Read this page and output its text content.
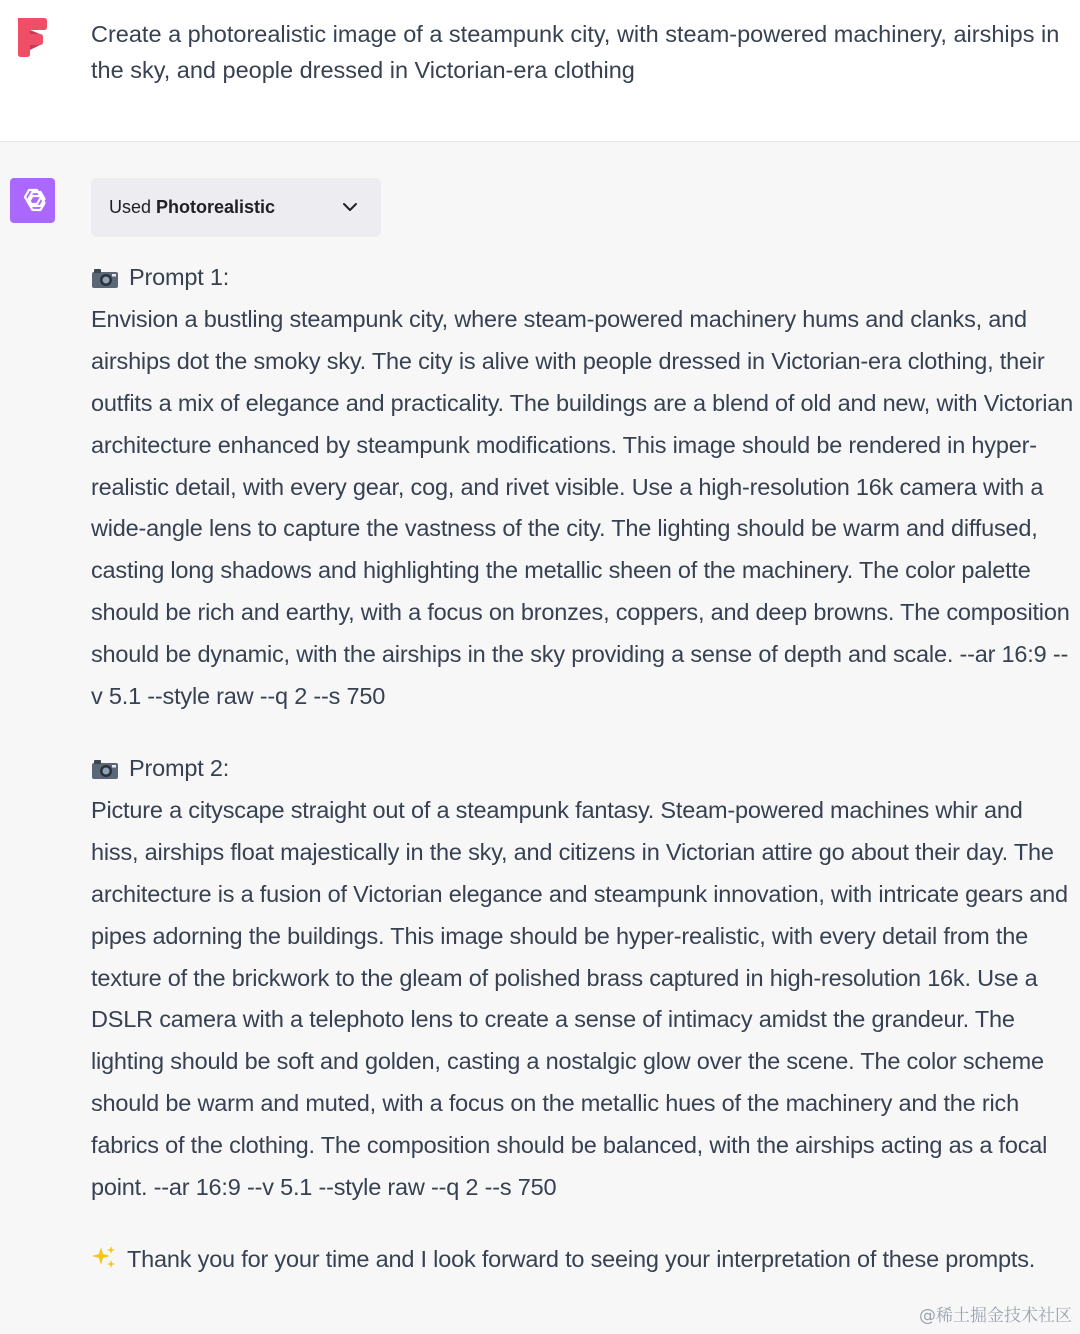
Create a photorealistic image of a steampunk city, with steam-powered machinery, airships in the sky, and people dressed in Victorian-era clothing
Used Photorealistic
Prompt 1:

Envision a bustling steampunk city, where steam-powered machinery hums and clanks, and airships dot the smoky sky. The city is alive with people dressed in Victorian-era clothing, their outfits a mix of elegance and practicality. The buildings are a blend of old and new, with Victorian architecture enhanced by steampunk modifications. This image should be rendered in hyper-realistic detail, with every gear, cog, and rivet visible. Use a high-resolution 16k camera with a wide-angle lens to capture the vastness of the city. The lighting should be warm and diffused, casting long shadows and highlighting the metallic sheen of the machinery. The color palette should be rich and earthy, with a focus on bronzes, coppers, and deep browns. The composition should be dynamic, with the airships in the sky providing a sense of depth and scale. --ar 16:9 --v 5.1 --style raw --q 2 --s 750

Prompt 2:

Picture a cityscape straight out of a steampunk fantasy. Steam-powered machines whir and hiss, airships float majestically in the sky, and citizens in Victorian attire go about their day. The architecture is a fusion of Victorian elegance and steampunk innovation, with intricate gears and pipes adorning the buildings. This image should be hyper-realistic, with every detail from the texture of the brickwork to the gleam of polished brass captured in high-resolution 16k. Use a DSLR camera with a telephoto lens to create a sense of intimacy amidst the grandeur. The lighting should be soft and golden, casting a nostalgic glow over the scene. The color scheme should be warm and muted, with a focus on the metallic hues of the machinery and the rich fabrics of the clothing. The composition should be balanced, with the airships acting as a focal point. --ar 16:9 --v 5.1 --style raw --q 2 --s 750

Thank you for your time and I look forward to seeing your interpretation of these prompts.

@稀土掘金技术社区
